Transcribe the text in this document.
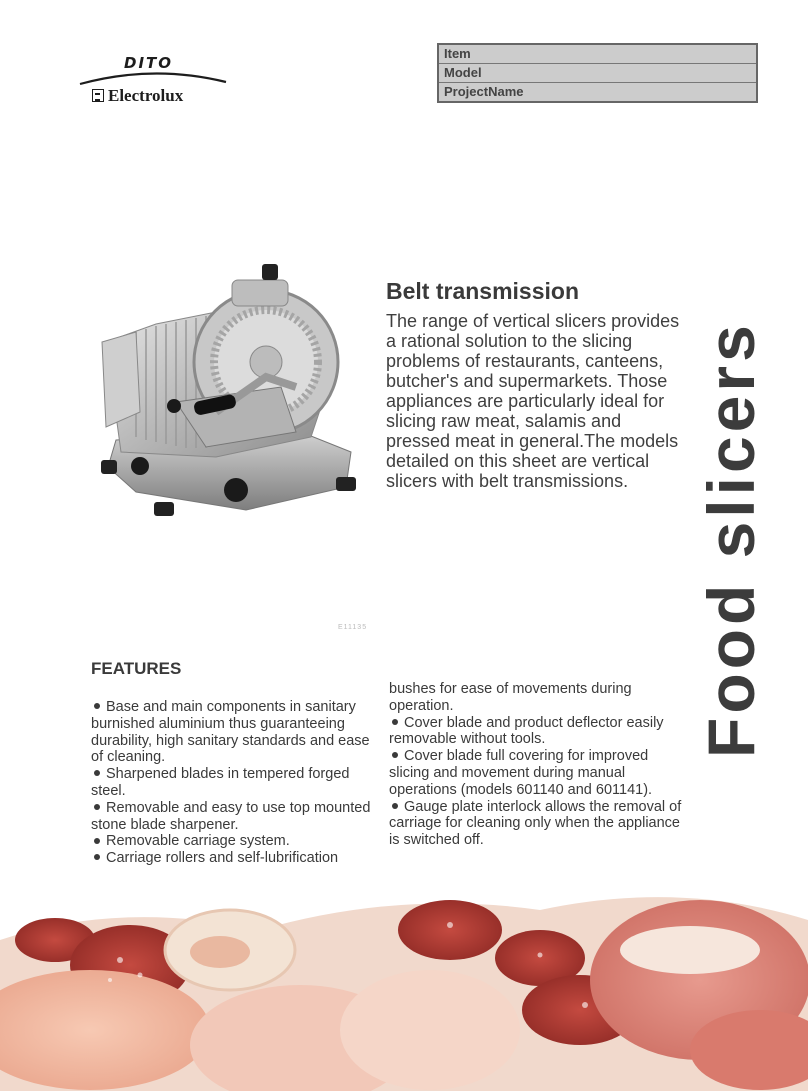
DITO
Electrolux
Item
Model
ProjectName
E11135
Belt transmission

The range of vertical slicers provides a rational solution to the slicing problems of restaurants, canteens, butcher's and supermarkets. Those appliances are particularly ideal for slicing raw meat, salamis and pressed meat in general.The models detailed on this sheet are vertical slicers with belt transmissions. Food slicers
FEATURES
Base and main components in sanitary burnished aluminium thus guaranteeing durability, high sanitary standards and ease of cleaning.
Sharpened blades in tempered forged steel.
Removable and easy to use top mounted stone blade sharpener.
Removable carriage system.
Carriage rollers and self-lubrification
bushes for ease of movements during operation.
Cover blade and product deflector easily removable without tools.
Cover blade full covering for improved slicing and movement during manual operations (models 601140 and 601141).
Gauge plate interlock allows the removal of carriage for cleaning only when the appliance is switched off.
